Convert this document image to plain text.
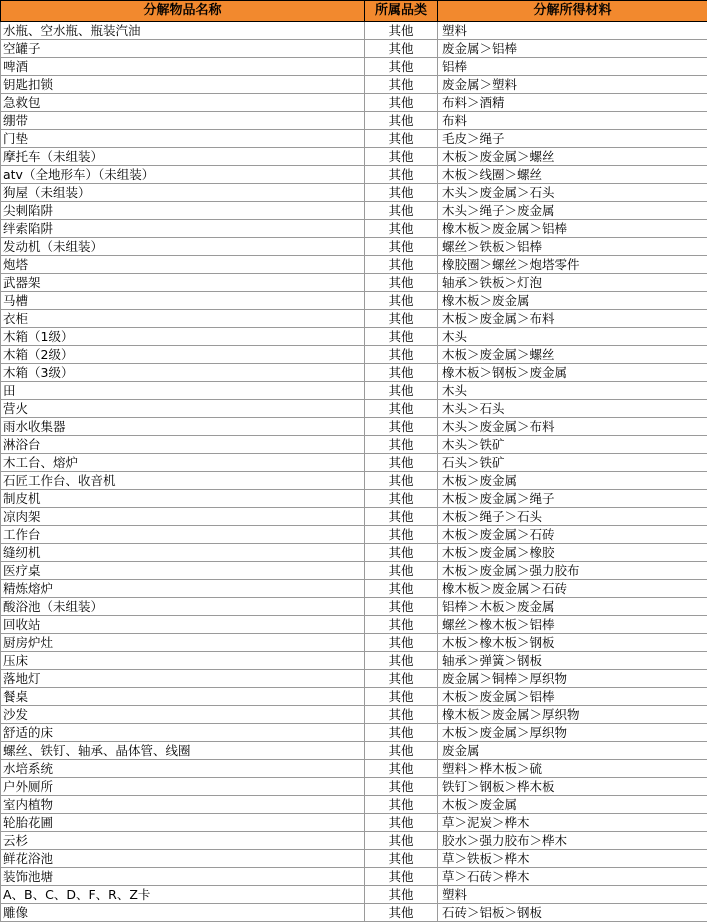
分解物品名称	所属品类	分解所得材料
水瓶、空水瓶、瓶装汽油	其他	塑料
空罐子	其他	废金属＞铝棒
啤酒	其他	铝棒
钥匙扣锁	其他	废金属＞塑料
急救包	其他	布料＞酒精
绷带	其他	布料
门垫	其他	毛皮＞绳子
摩托车（未组装）	其他	木板＞废金属＞螺丝
atv（全地形车）（未组装）	其他	木板＞线圈＞螺丝
狗屋（未组装）	其他	木头＞废金属＞石头
尖刺陷阱	其他	木头＞绳子＞废金属
绊索陷阱	其他	橡木板＞废金属＞铝棒
发动机（未组装）	其他	螺丝＞铁板＞铝棒
炮塔	其他	橡胶圈＞螺丝＞炮塔零件
武器架	其他	轴承＞铁板＞灯泡
马槽	其他	橡木板＞废金属
衣柜	其他	木板＞废金属＞布料
木箱（1级）	其他	木头
木箱（2级）	其他	木板＞废金属＞螺丝
木箱（3级）	其他	橡木板＞钢板＞废金属
田	其他	木头
营火	其他	木头＞石头
雨水收集器	其他	木头＞废金属＞布料
淋浴台	其他	木头＞铁矿
木工台、熔炉	其他	石头＞铁矿
石匠工作台、收音机	其他	木板＞废金属
制皮机	其他	木板＞废金属＞绳子
凉肉架	其他	木板＞绳子＞石头
工作台	其他	木板＞废金属＞石砖
缝纫机	其他	木板＞废金属＞橡胶
医疗桌	其他	木板＞废金属＞强力胶布
精炼熔炉	其他	橡木板＞废金属＞石砖
酸浴池（未组装）	其他	铝棒＞木板＞废金属
回收站	其他	螺丝＞橡木板＞铝棒
厨房炉灶	其他	木板＞橡木板＞钢板
压床	其他	轴承＞弹簧＞钢板
落地灯	其他	废金属＞铜棒＞厚织物
餐桌	其他	木板＞废金属＞铝棒
沙发	其他	橡木板＞废金属＞厚织物
舒适的床	其他	木板＞废金属＞厚织物
螺丝、铁钉、轴承、晶体管、线圈	其他	废金属
水培系统	其他	塑料＞桦木板＞硫
户外厕所	其他	铁钉＞钢板＞桦木板
室内植物	其他	木板＞废金属
轮胎花圃	其他	草＞泥炭＞桦木
云杉	其他	胶水＞强力胶布＞桦木
鲜花浴池	其他	草＞铁板＞桦木
装饰池塘	其他	草＞石砖＞桦木
A、B、C、D、F、R、Z卡	其他	塑料
雕像	其他	石砖＞铝板＞钢板
